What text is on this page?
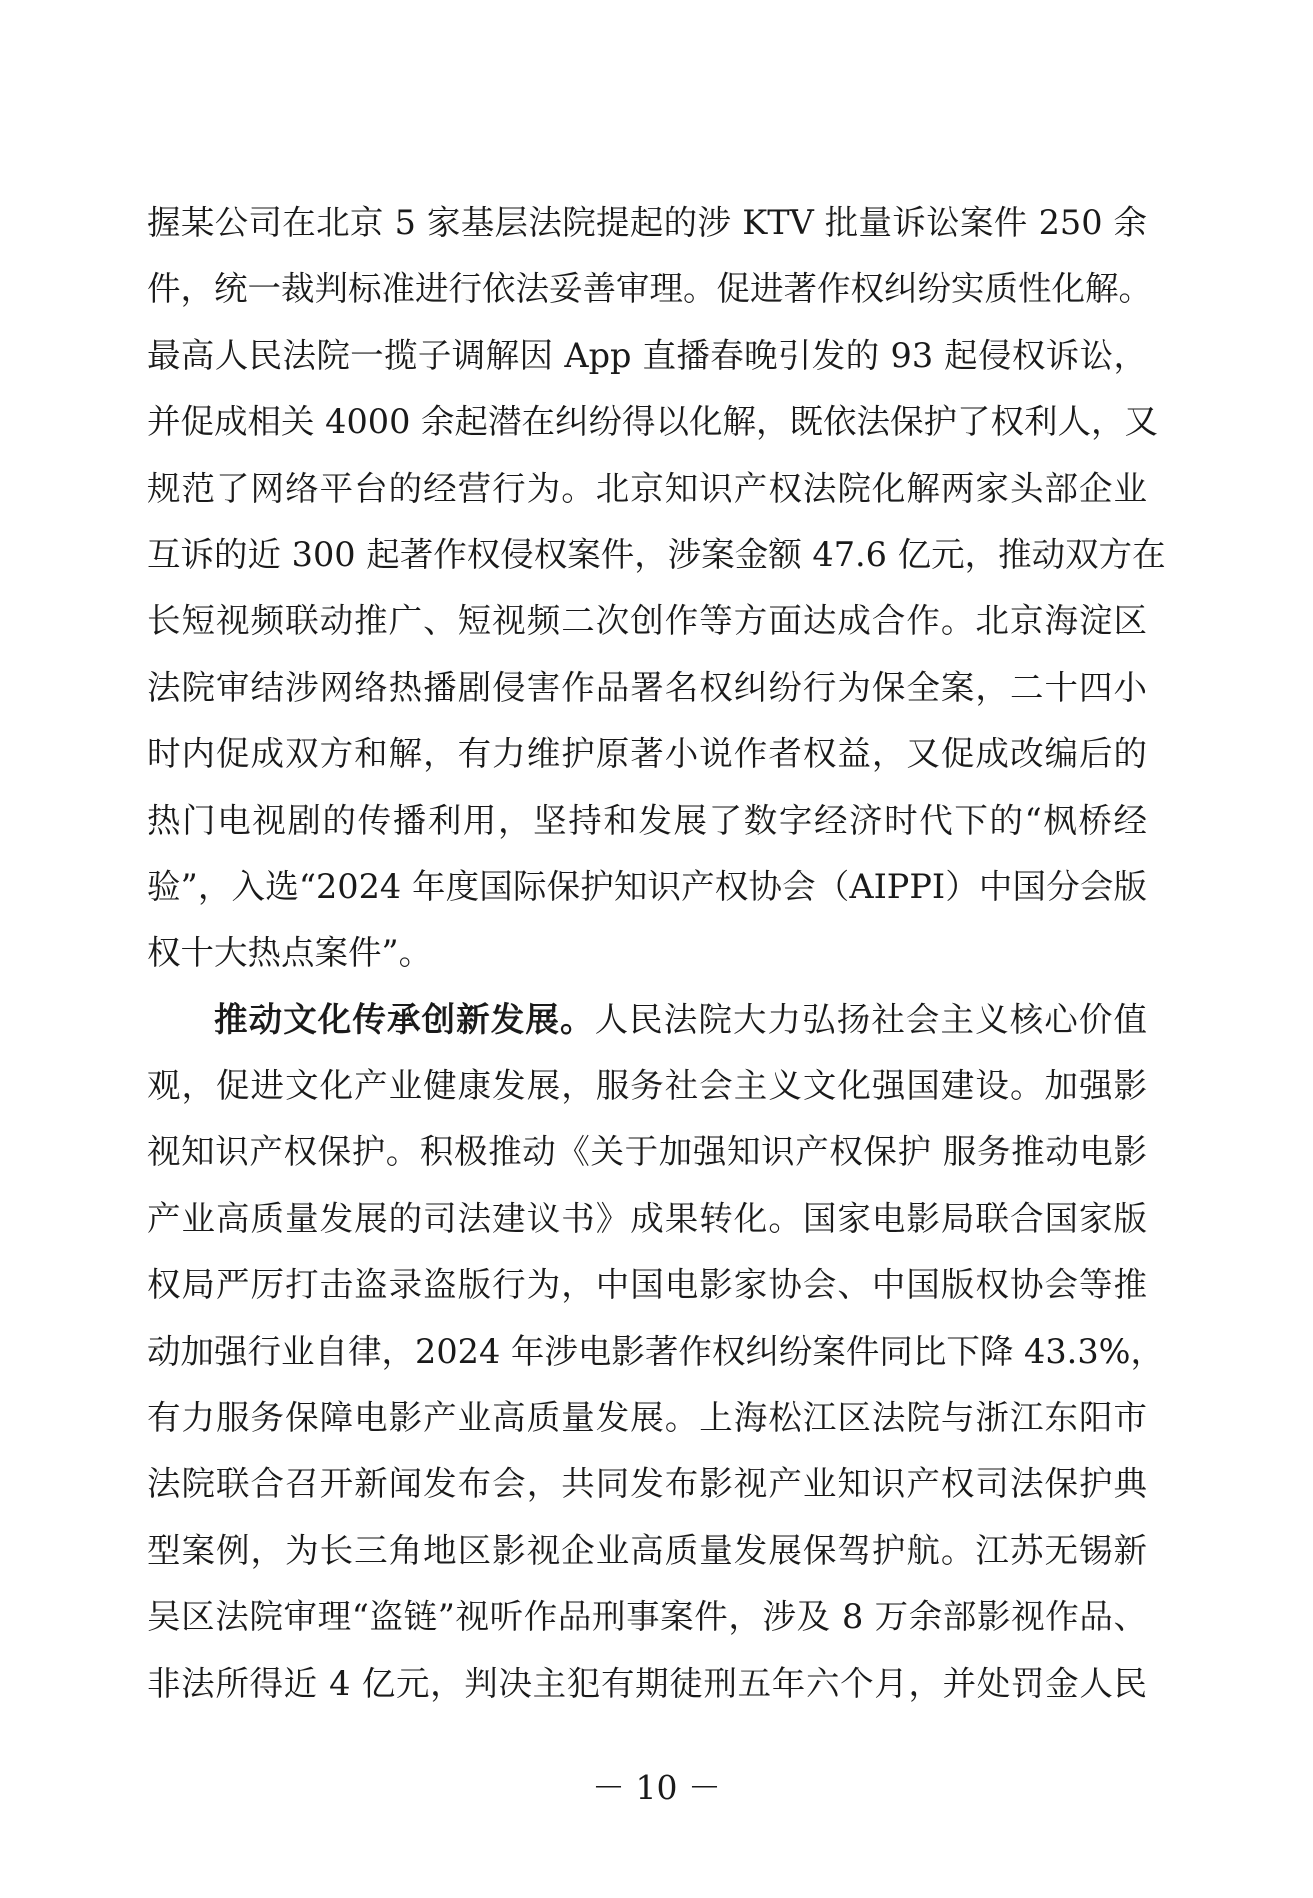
握某公司在北京 5 家基层法院提起的涉 KTV 批量诉讼案件 250 余
件，统一裁判标准进行依法妥善审理。促进著作权纠纷实质性化解。
最高人民法院一揽子调解因 App 直播春晚引发的 93 起侵权诉讼，
并促成相关 4000 余起潜在纠纷得以化解，既依法保护了权利人，又
规范了网络平台的经营行为。北京知识产权法院化解两家头部企业
互诉的近 300 起著作权侵权案件，涉案金额 47.6 亿元，推动双方在
长短视频联动推广、短视频二次创作等方面达成合作。北京海淀区
法院审结涉网络热播剧侵害作品署名权纠纷行为保全案，二十四小
时内促成双方和解，有力维护原著小说作者权益，又促成改编后的
热门电视剧的传播利用，坚持和发展了数字经济时代下的“枫桥经
验”，入选“2024 年度国际保护知识产权协会（AIPPI）中国分会版
权十大热点案件”。
推动文化传承创新发展。人民法院大力弘扬社会主义核心价值
观，促进文化产业健康发展，服务社会主义文化强国建设。加强影
视知识产权保护。积极推动《关于加强知识产权保护 服务推动电影
产业高质量发展的司法建议书》成果转化。国家电影局联合国家版
权局严厉打击盗录盗版行为，中国电影家协会、中国版权协会等推
动加强行业自律，2024 年涉电影著作权纠纷案件同比下降 43.3%，
有力服务保障电影产业高质量发展。上海松江区法院与浙江东阳市
法院联合召开新闻发布会，共同发布影视产业知识产权司法保护典
型案例，为长三角地区影视企业高质量发展保驾护航。江苏无锡新
吴区法院审理“盗链”视听作品刑事案件，涉及 8 万余部影视作品、
非法所得近 4 亿元，判决主犯有期徒刑五年六个月，并处罚金人民
－ 10 －
